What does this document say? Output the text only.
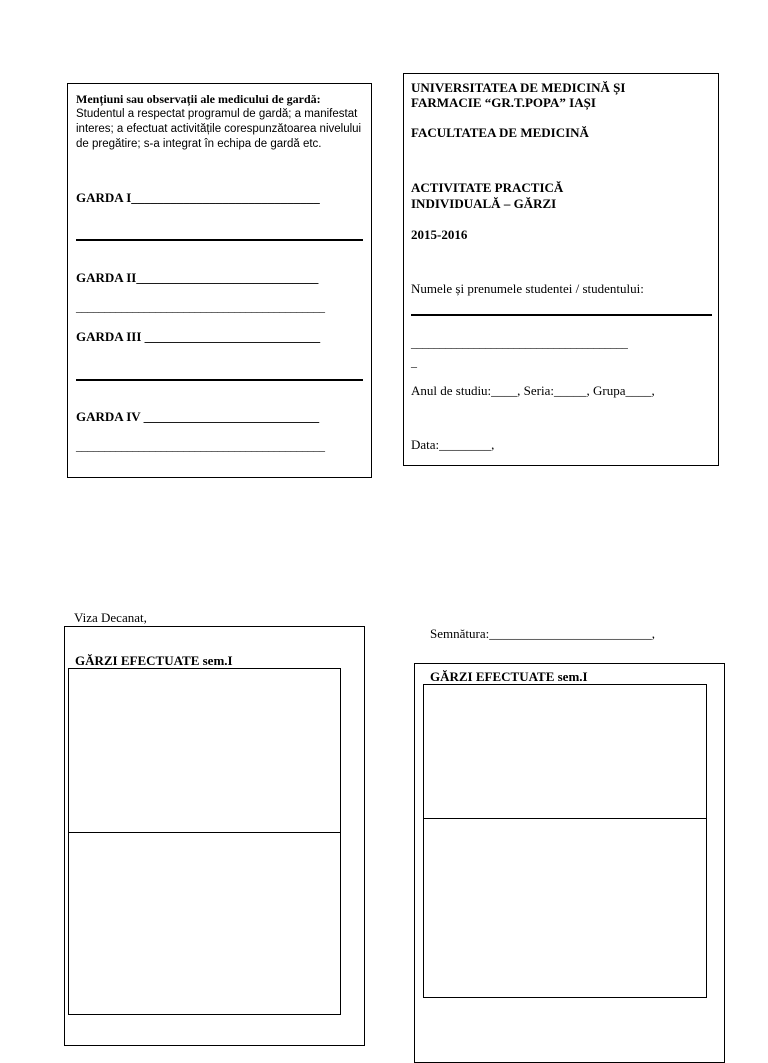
Mențiuni sau observații ale medicului de gardă: Studentul a respectat programul de gardă; a manifestat interes; a efectuat activitățile corespunzătoarea nivelului de pregătire; s-a integrat în echipa de gardă etc.
GARDA I_____________________________
GARDA II____________________________
____________________________________________
GARDA III ___________________________
GARDA IV ___________________________
____________________________________________
UNIVERSITATEA DE MEDICINĂ ȘI
FARMACIE “GR.T.POPA” IAȘI
FACULTATEA DE MEDICINĂ
ACTIVITATE PRACTICĂ
INDIVIDUALĂ – GĂRZI
2015-2016
Numele și prenumele studentei / studentului:
______________________________________
–
Anul de studiu:____, Seria:_____, Grupa____,
Data:________,
Viza Decanat,
GĂRZI EFECTUATE sem.I
Semnătura:_________________________,
GĂRZI EFECTUATE sem.I
